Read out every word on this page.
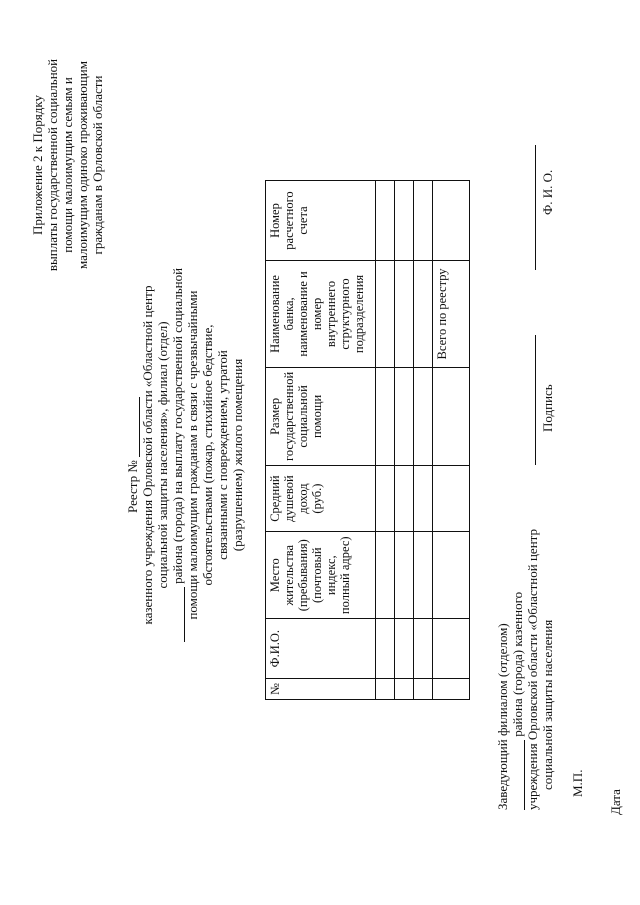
Приложение 2 к Порядку выплаты государственной социальной помощи малоимущим семьям и малоимущим одиноко проживающим гражданам в Орловской области
Реестр № казенного учреждения Орловской области «Областной центр социальной защиты населения», филиал (отдел) района (города) на выплату государственной социальной помощи малоимущим гражданам в связи с чрезвычайными обстоятельствами (пожар, стихийное бедствие, связанными с повреждением, утратой (разрушением) жилого помещения
№	Ф.И.О.	Место жительства (пребывания) (почтовый индекс, полный адрес)	Средний душевой доход (руб.)	Размер государственной социальной помощи	Наименование банка, наименование и номер внутреннего структурного подразделения	Номер расчетного счета

					Всего по реестру	
Заведующий филиалом (отделом) района (города) казенного учреждения Орловской области «Областной центр социальной защиты населения М.П.
Подпись
Ф. И. О.
Дата
